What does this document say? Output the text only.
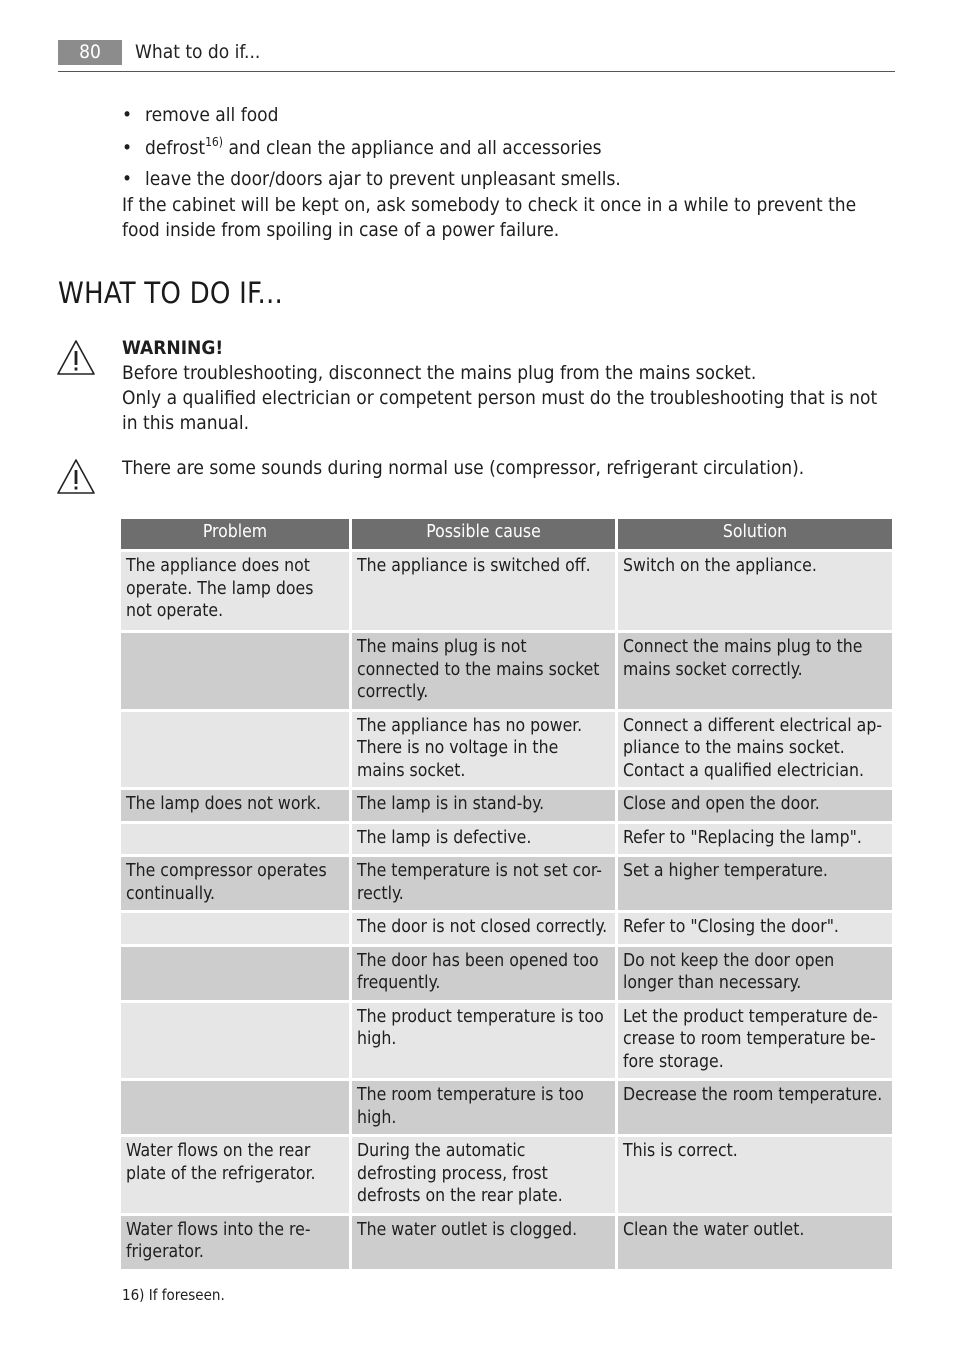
80	What to do if...
• remove all food
• defrost$^{16)}$ and clean the appliance and all accessories
• leave the door/doors ajar to prevent unpleasant smells.
If the cabinet will be kept on, ask somebody to check it once in a while to prevent the food inside from spoiling in case of a power failure.
WHAT TO DO IF...
WARNING!
Before troubleshooting, disconnect the mains plug from the mains socket.
Only a qualified electrician or competent person must do the troubleshooting that is not in this manual.
There are some sounds during normal use (compressor, refrigerant circulation).
Problem	Possible cause	Solution
The appliance does not operate. The lamp does not operate.	The appliance is switched off.	Switch on the appliance.
	The mains plug is not connected to the mains socket correctly.	Connect the mains plug to the mains socket correctly.
	The appliance has no power. There is no voltage in the mains socket.	Connect a different electrical ap-pliance to the mains socket. Contact a qualified electrician.
The lamp does not work.	The lamp is in stand-by.	Close and open the door.
	The lamp is defective.	Refer to "Replacing the lamp".
The compressor operates continually.	The temperature is not set cor-rectly.	Set a higher temperature.
	The door is not closed correctly.	Refer to "Closing the door".
	The door has been opened too frequently.	Do not keep the door open longer than necessary.
	The product temperature is too high.	Let the product temperature de-crease to room temperature be-fore storage.
	The room temperature is too high.	Decrease the room temperature.
Water flows on the rear plate of the refrigerator.	During the automatic defrosting process, frost defrosts on the rear plate.	This is correct.
Water flows into the re-frigerator.	The water outlet is clogged.	Clean the water outlet.
16) If foreseen.
